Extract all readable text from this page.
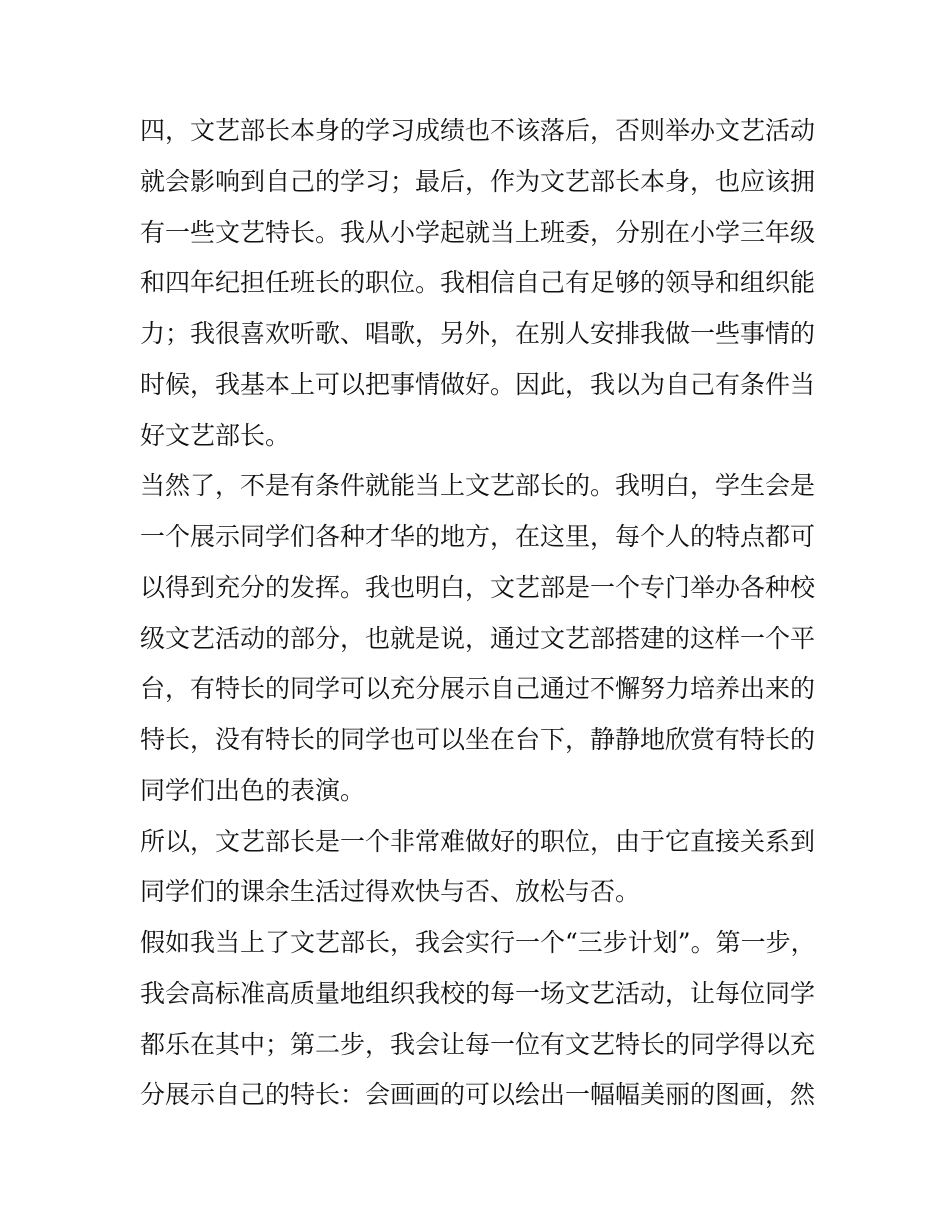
四，文艺部长本身的学习成绩也不该落后，否则举办文艺活动
就会影响到自己的学习；最后，作为文艺部长本身，也应该拥
有一些文艺特长。我从小学起就当上班委，分别在小学三年级
和四年纪担任班长的职位。我相信自己有足够的领导和组织能
力；我很喜欢听歌、唱歌，另外，在别人安排我做一些事情的
时候，我基本上可以把事情做好。因此，我以为自己有条件当
好文艺部长。
当然了，不是有条件就能当上文艺部长的。我明白，学生会是
一个展示同学们各种才华的地方，在这里，每个人的特点都可
以得到充分的发挥。我也明白，文艺部是一个专门举办各种校
级文艺活动的部分，也就是说，通过文艺部搭建的这样一个平
台，有特长的同学可以充分展示自己通过不懈努力培养出来的
特长，没有特长的同学也可以坐在台下，静静地欣赏有特长的
同学们出色的表演。
所以，文艺部长是一个非常难做好的职位，由于它直接关系到
同学们的课余生活过得欢快与否、放松与否。
假如我当上了文艺部长，我会实行一个“三步计划”。第一步，
我会高标准高质量地组织我校的每一场文艺活动，让每位同学
都乐在其中；第二步，我会让每一位有文艺特长的同学得以充
分展示自己的特长：会画画的可以绘出一幅幅美丽的图画，然
